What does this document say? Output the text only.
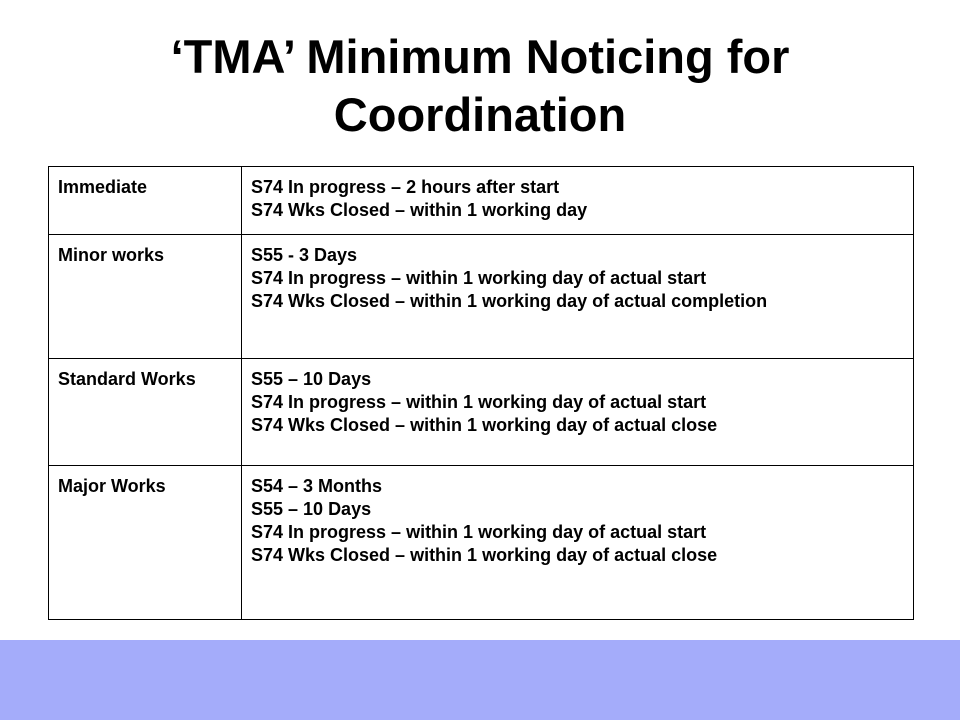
‘TMA’ Minimum Noticing for
Coordination
Immediate	S74 In progress – 2 hours after start
S74 Wks Closed – within 1 working day

Minor works	S55 - 3 Days
S74 In progress – within 1 working day of actual start
S74 Wks Closed – within 1 working day of actual completion

Standard Works	S55 – 10 Days
S74 In progress – within 1 working day of actual start
S74 Wks Closed – within 1 working day of actual close

Major Works	S54 – 3 Months
S55 – 10 Days
S74 In progress – within 1 working day of actual start
S74 Wks Closed – within 1 working day of actual close
